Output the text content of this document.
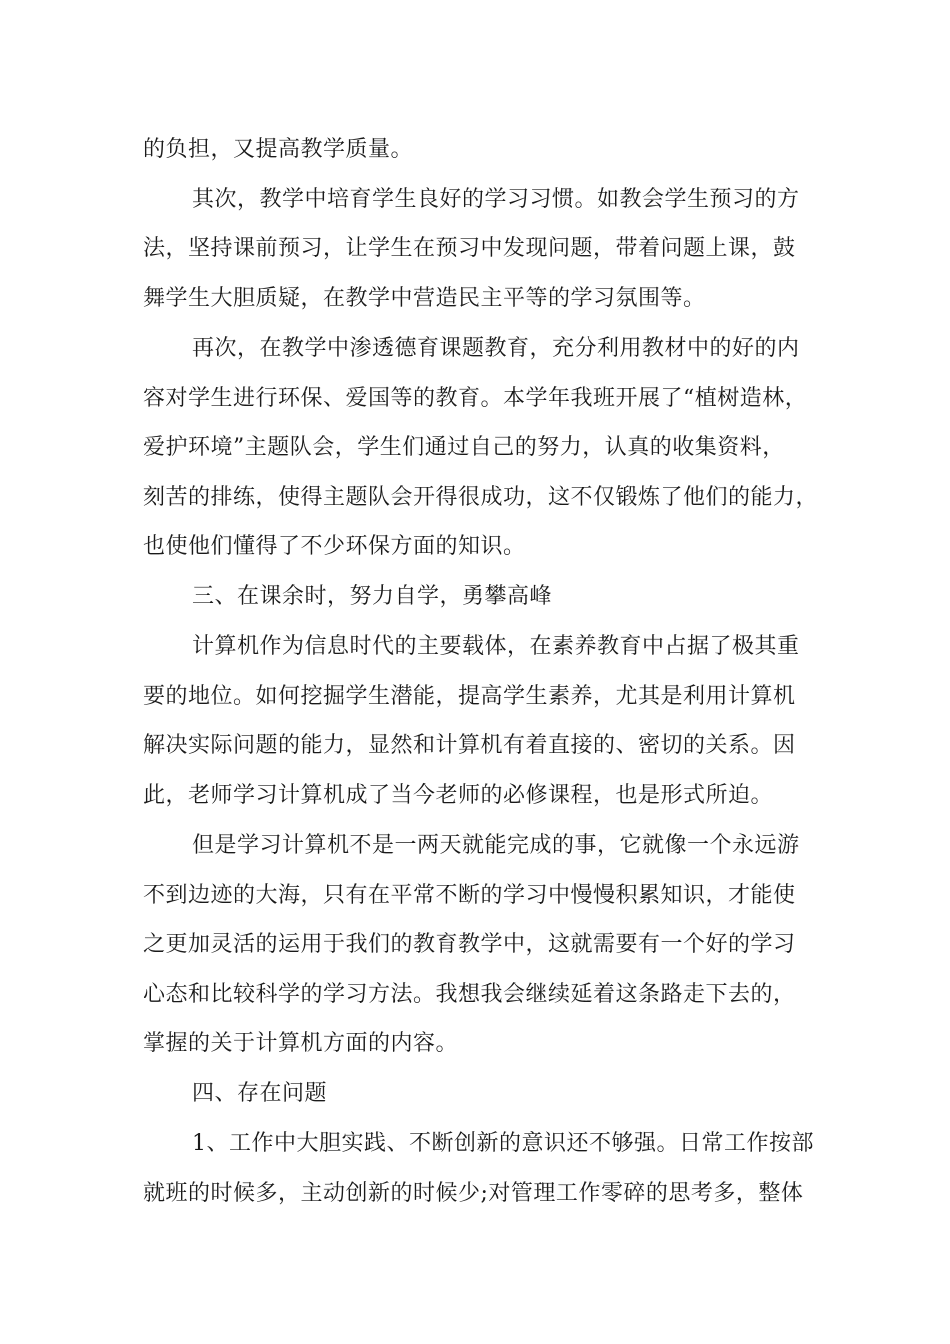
的负担，又提高教学质量。
其次，教学中培育学生良好的学习习惯。如教会学生预习的方
法，坚持课前预习，让学生在预习中发现问题，带着问题上课，鼓
舞学生大胆质疑，在教学中营造民主平等的学习氛围等。
再次，在教学中渗透德育课题教育，充分利用教材中的好的内
容对学生进行环保、爱国等的教育。本学年我班开展了“植树造林，
爱护环境”主题队会，学生们通过自己的努力，认真的收集资料，
刻苦的排练，使得主题队会开得很成功，这不仅锻炼了他们的能力，
也使他们懂得了不少环保方面的知识。
三、在课余时，努力自学，勇攀高峰
计算机作为信息时代的主要载体，在素养教育中占据了极其重
要的地位。如何挖掘学生潜能，提高学生素养，尤其是利用计算机
解决实际问题的能力，显然和计算机有着直接的、密切的关系。因
此，老师学习计算机成了当今老师的必修课程，也是形式所迫。
但是学习计算机不是一两天就能完成的事，它就像一个永远游
不到边迹的大海，只有在平常不断的学习中慢慢积累知识，才能使
之更加灵活的运用于我们的教育教学中，这就需要有一个好的学习
心态和比较科学的学习方法。我想我会继续延着这条路走下去的，
掌握的关于计算机方面的内容。
四、存在问题
1、工作中大胆实践、不断创新的意识还不够强。日常工作按部
就班的时候多，主动创新的时候少;对管理工作零碎的思考多，整体
